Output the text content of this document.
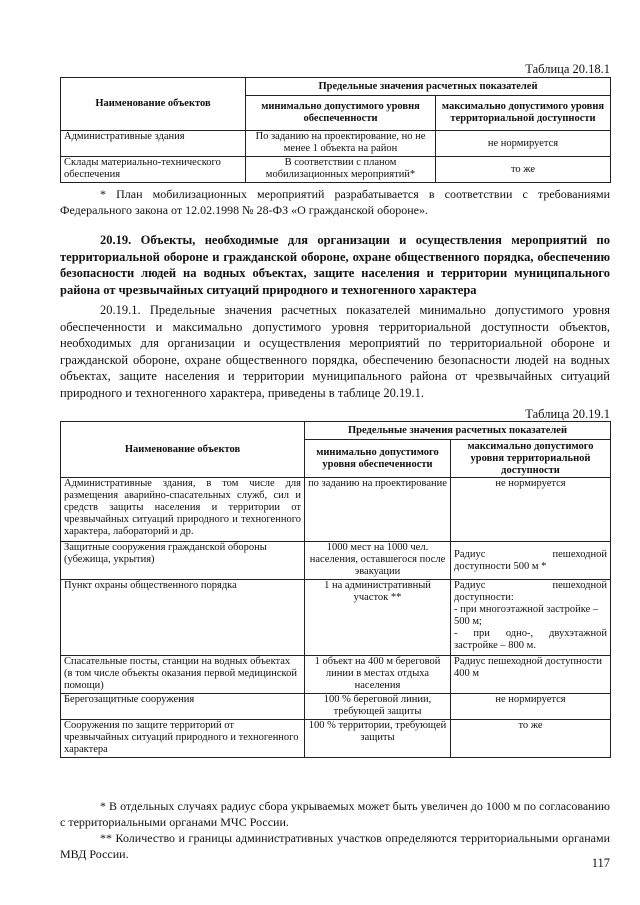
Таблица 20.18.1
Наименование объектов	Предельные значения расчетных показателей	
	минимально допустимого уровня обеспеченности	максимально допустимого уровня территориальной доступности
Административные здания	По заданию на проектирование, но не менее 1 объекта на район	не нормируется
Склады материально-технического обеспечения	В соответствии с планом мобилизационных мероприятий*	то же

* План мобилизационных мероприятий разрабатывается в соответствии с требованиями Федерального закона от 12.02.1998 № 28-ФЗ «О гражданской обороне».

20.19. Объекты, необходимые для организации и осуществления мероприятий по территориальной обороне и гражданской обороне, охране общественного порядка, обеспечению безопасности людей на водных объектах, защите населения и территории муниципального района от чрезвычайных ситуаций природного и техногенного характера

20.19.1. Предельные значения расчетных показателей минимально допустимого уровня обеспеченности и максимально допустимого уровня территориальной доступности объектов, необходимых для организации и осуществления мероприятий по территориальной обороне и гражданской обороне, охране общественного порядка, обеспечению безопасности людей на водных объектах, защите населения и территории муниципального района от чрезвычайных ситуаций природного и техногенного характера, приведены в таблице 20.19.1.

Таблица 20.19.1
Наименование объектов	Предельные значения расчетных показателей	
	минимально допустимого уровня обеспеченности	максимально допустимого уровня территориальной доступности
Административные здания, в том числе для размещения аварийно-спасательных служб, сил и средств защиты населения и территории от чрезвычайных ситуаций природного и техногенного характера, лабораторий и др.	по заданию на проектирование	не нормируется
Защитные сооружения гражданской обороны (убежища, укрытия)	1000 мест на 1000 чел. населения, оставшегося после эвакуации	Радиус пешеходной
доступности 500 м *

Пункт охраны общественного порядка	1 на административный участок **	Радиус пешеходной
доступности:
- при многоэтажной застройке – 500 м;
- при одно-, двухэтажной застройке – 800 м.

Спасательные посты, станции на водных объектах (в том числе объекты оказания первой медицинской помощи)	1 объект на 400 м береговой линии в местах отдыха населения	Радиус пешеходной доступности 400 м
Берегозащитные сооружения	100 % береговой линии, требующей защиты	не нормируется
Сооружения по защите территорий от чрезвычайных ситуаций природного и техногенного характера	100 % территории, требующей защиты	то же

* В отдельных случаях радиус сбора укрываемых может быть увеличен до 1000 м по согласованию с территориальными органами МЧС России.

** Количество и границы административных участков определяются территориальными органами МВД России.

117
